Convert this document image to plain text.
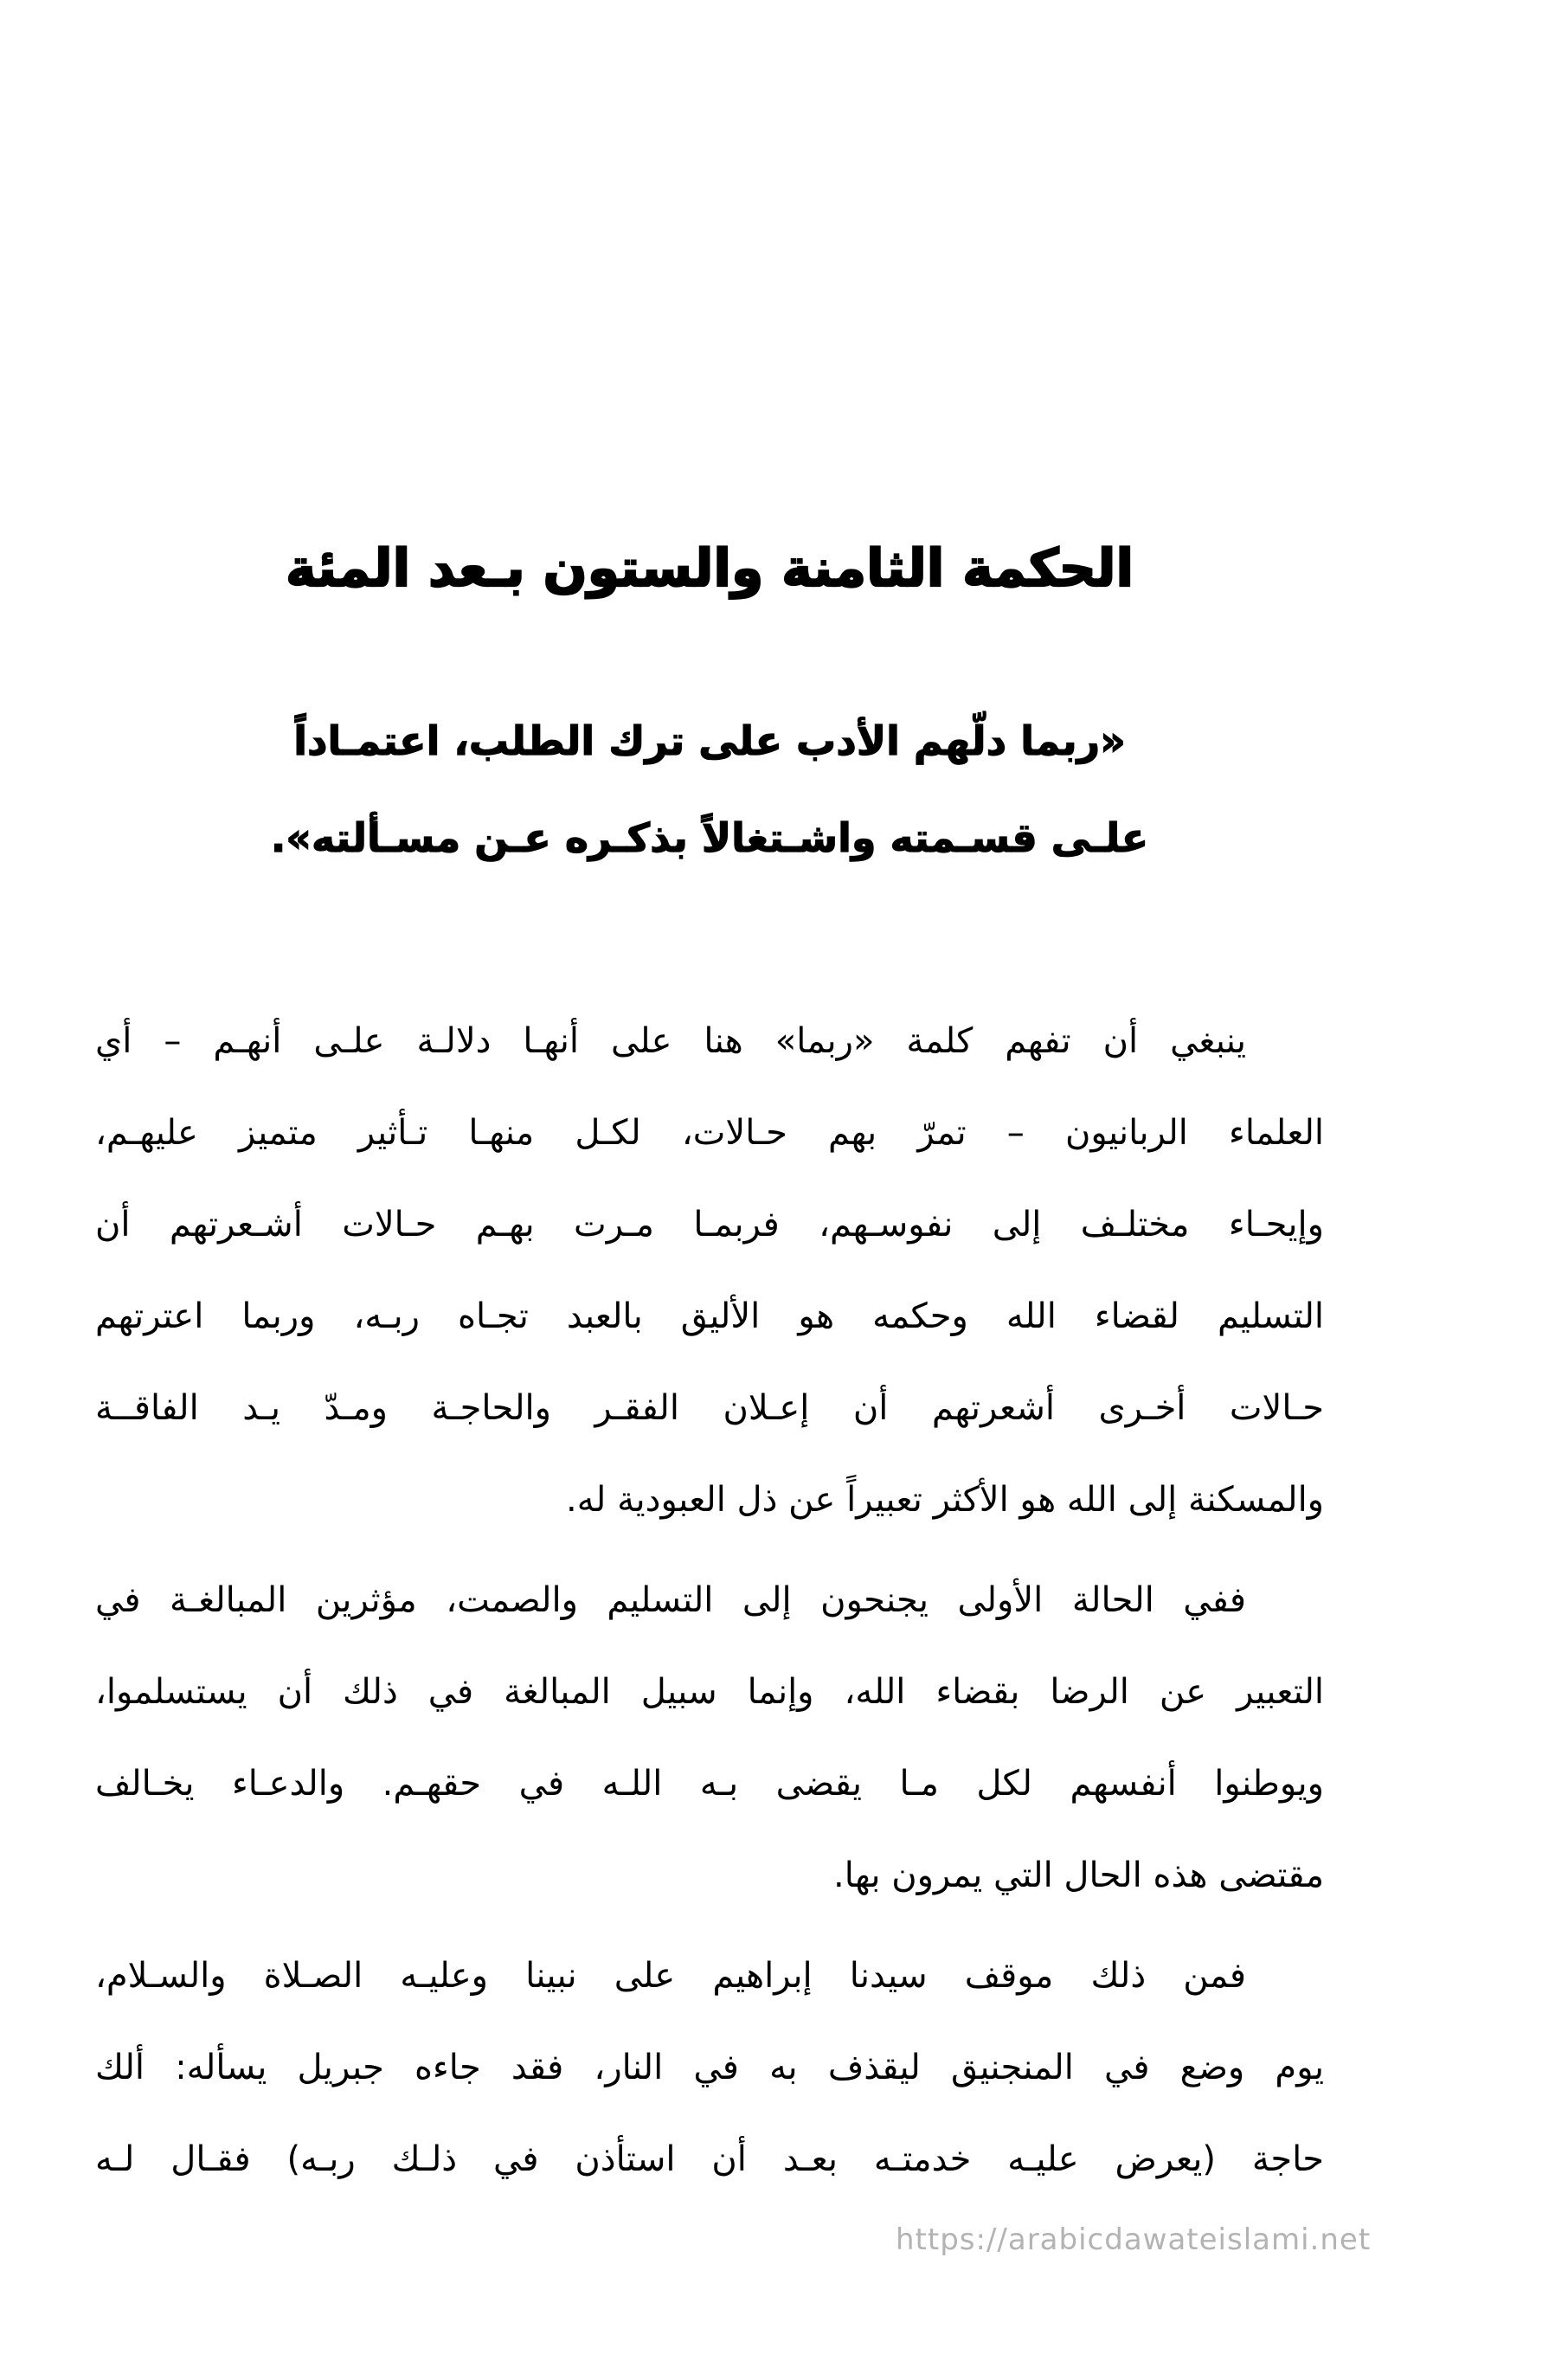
الحكمة الثامنة والستون بـعد المئة
«ربما دلّهم الأدب على ترك الطلب، اعتمـاداً
علـى قسـمته واشـتغالاً بذكـره عـن مسـألته».
ينبغي أن تفهم كلمة «ربما» هنا على أنهـا دلالـة علـى أنهـم – أي
العلماء الربانيون – تمرّ بهم حـالات، لكـل منهـا تـأثير متميز عليهـم،
وإيحـاء مختلـف إلى نفوسـهم، فربمـا مـرت بهـم حـالات أشـعرتهم أن
التسليم لقضاء الله وحكمه هو الأليق بالعبد تجـاه ربـه، وربما اعترتهم
حـالات أخـرى أشعرتهم أن إعـلان الفقـر والحاجـة ومـدّ يـد الفاقــة
والمسكنة إلى الله هو الأكثر تعبيراً عن ذل العبودية له.
ففي الحالة الأولى يجنحون إلى التسليم والصمت، مؤثرين المبالغـة في
التعبير عن الرضا بقضاء الله، وإنما سبيل المبالغة في ذلك أن يستسلموا،
ويوطنوا أنفسهم لكل مـا يقضى بـه اللـه في حقهـم. والدعـاء يخـالف
مقتضى هذه الحال التي يمرون بها.
فمن ذلك موقف سيدنا إبراهيم على نبينا وعليـه الصـلاة والسـلام،
يوم وضع في المنجنيق ليقذف به في النار، فقد جاءه جبريل يسأله: ألك
حاجة (يعرض عليـه خدمتـه بعـد أن استأذن في ذلـك ربـه) فقـال لـه
https://arabicdawateislami.net
